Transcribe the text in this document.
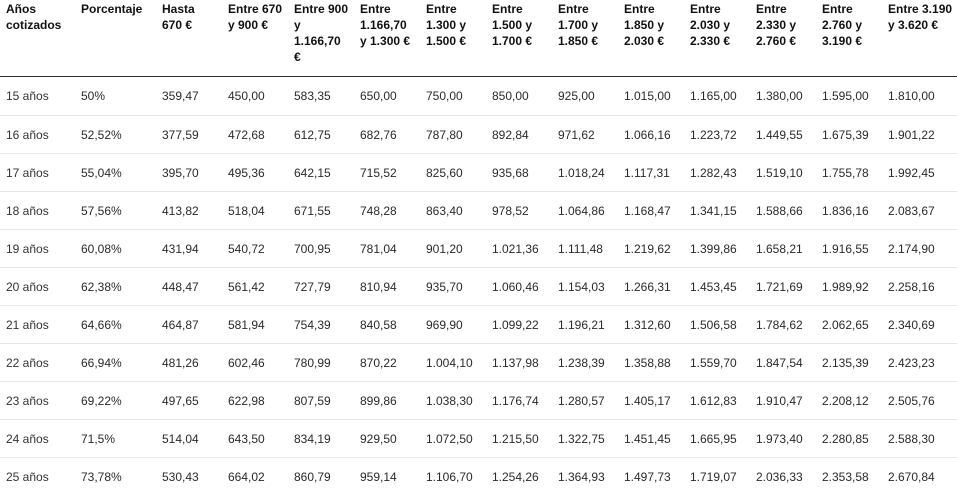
Años cotizados	Porcentaje	Hasta 670 €	Entre 670 y 900 €	Entre 900 y 1.166,70 €	Entre 1.166,70 y 1.300 €	Entre 1.300 y 1.500 €	Entre 1.500 y 1.700 €	Entre 1.700 y 1.850 €	Entre 1.850 y 2.030 €	Entre 2.030 y 2.330 €	Entre 2.330 y 2.760 €	Entre 2.760 y 3.190 €	Entre 3.190 y 3.620 €

15 años	50%	359,47	450,00	583,35	650,00	750,00	850,00	925,00	1.015,00	1.165,00	1.380,00	1.595,00	1.810,00
16 años	52,52%	377,59	472,68	612,75	682,76	787,80	892,84	971,62	1.066,16	1.223,72	1.449,55	1.675,39	1.901,22
17 años	55,04%	395,70	495,36	642,15	715,52	825,60	935,68	1.018,24	1.117,31	1.282,43	1.519,10	1.755,78	1.992,45
18 años	57,56%	413,82	518,04	671,55	748,28	863,40	978,52	1.064,86	1.168,47	1.341,15	1.588,66	1.836,16	2.083,67
19 años	60,08%	431,94	540,72	700,95	781,04	901,20	1.021,36	1.111,48	1.219,62	1.399,86	1.658,21	1.916,55	2.174,90
20 años	62,38%	448,47	561,42	727,79	810,94	935,70	1.060,46	1.154,03	1.266,31	1.453,45	1.721,69	1.989,92	2.258,16
21 años	64,66%	464,87	581,94	754,39	840,58	969,90	1.099,22	1.196,21	1.312,60	1.506,58	1.784,62	2.062,65	2.340,69
22 años	66,94%	481,26	602,46	780,99	870,22	1.004,10	1.137,98	1.238,39	1.358,88	1.559,70	1.847,54	2.135,39	2.423,23
23 años	69,22%	497,65	622,98	807,59	899,86	1.038,30	1.176,74	1.280,57	1.405,17	1.612,83	1.910,47	2.208,12	2.505,76
24 años	71,5%	514,04	643,50	834,19	929,50	1.072,50	1.215,50	1.322,75	1.451,45	1.665,95	1.973,40	2.280,85	2.588,30
25 años	73,78%	530,43	664,02	860,79	959,14	1.106,70	1.254,26	1.364,93	1.497,73	1.719,07	2.036,33	2.353,58	2.670,84
